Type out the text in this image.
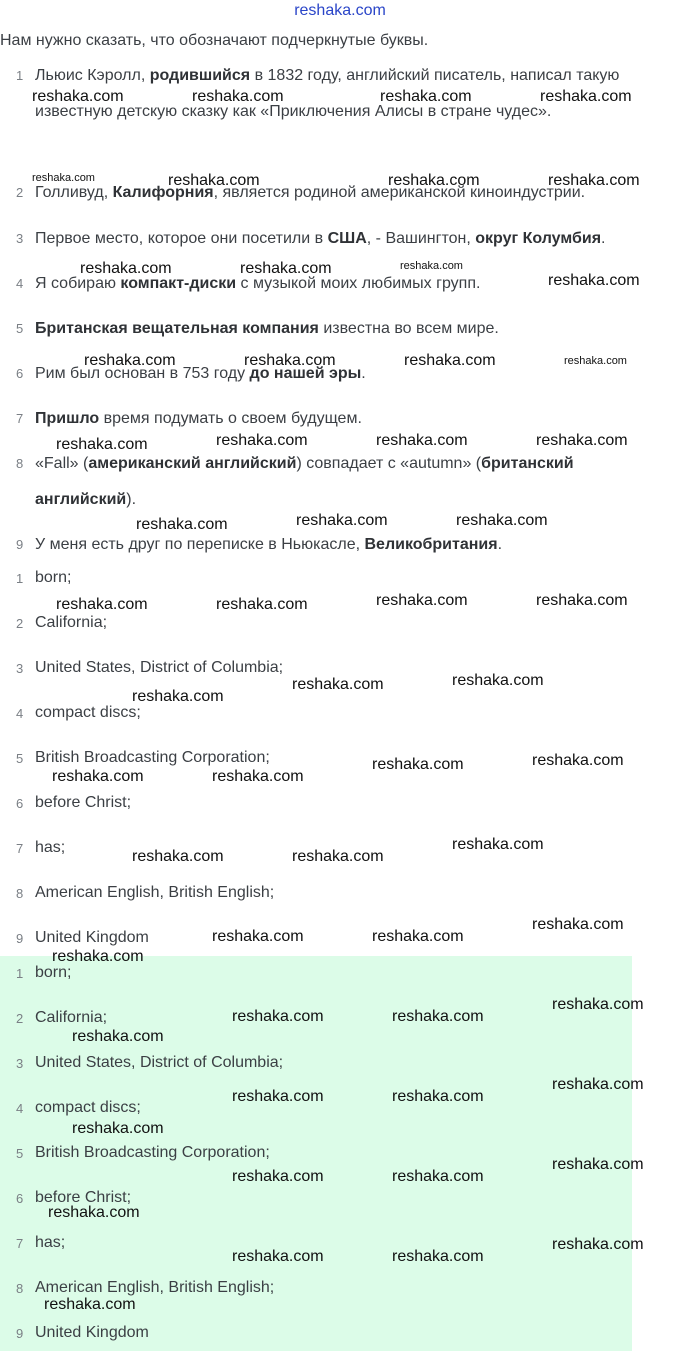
reshaka.com
Нам нужно сказать, что обозначают подчеркнутые буквы.
1 Льюис Кэролл, родившийся в 1832 году, английский писатель, написал такую известную детскую сказку как «Приключения Алисы в стране чудес».
2 Голливуд, Калифорния, является родиной американской киноиндустрии.
3 Первое место, которое они посетили в США, - Вашингтон, округ Колумбия.
4 Я собираю компакт-диски с музыкой моих любимых групп.
5 Британская вещательная компания известна во всем мире.
6 Рим был основан в 753 году до нашей эры.
7 Пришло время подумать о своем будущем.
8 «Fall» (американский английский) совпадает с «autumn» (британский английский).
9 У меня есть друг по переписке в Ньюкасле, Великобритания.
1 born;
2 California;
3 United States, District of Columbia;
4 compact discs;
5 British Broadcasting Corporation;
6 before Christ;
7 has;
8 American English, British English;
9 United Kingdom
1 born;
2 California;
3 United States, District of Columbia;
4 compact discs;
5 British Broadcasting Corporation;
6 before Christ;
7 has;
8 American English, British English;
9 United Kingdom
reshaka.com
reshaka.com	reshaka.com	reshaka.com	reshaka.com
reshaka.com	reshaka.com	reshaka.com
reshaka.com	reshaka.com	reshaka.com
reshaka.com
reshaka.com	reshaka.com	reshaka.com	reshaka.com
reshaka.com	reshaka.com	reshaka.com	reshaka.com
reshaka.com	reshaka.com	reshaka.com
reshaka.com	reshaka.com	reshaka.com	reshaka.com
reshaka.com
reshaka.com	reshaka.com
reshaka.com	reshaka.com
reshaka.com	reshaka.com
reshaka.com	reshaka.com
reshaka.com
reshaka.com	reshaka.com
reshaka.com
reshaka.com
reshaka.com	reshaka.com
reshaka.com
reshaka.com
reshaka.com	reshaka.com
reshaka.com
reshaka.com
reshaka.com	reshaka.com
reshaka.com
reshaka.com
reshaka.com	reshaka.com
reshaka.com
reshaka.com
